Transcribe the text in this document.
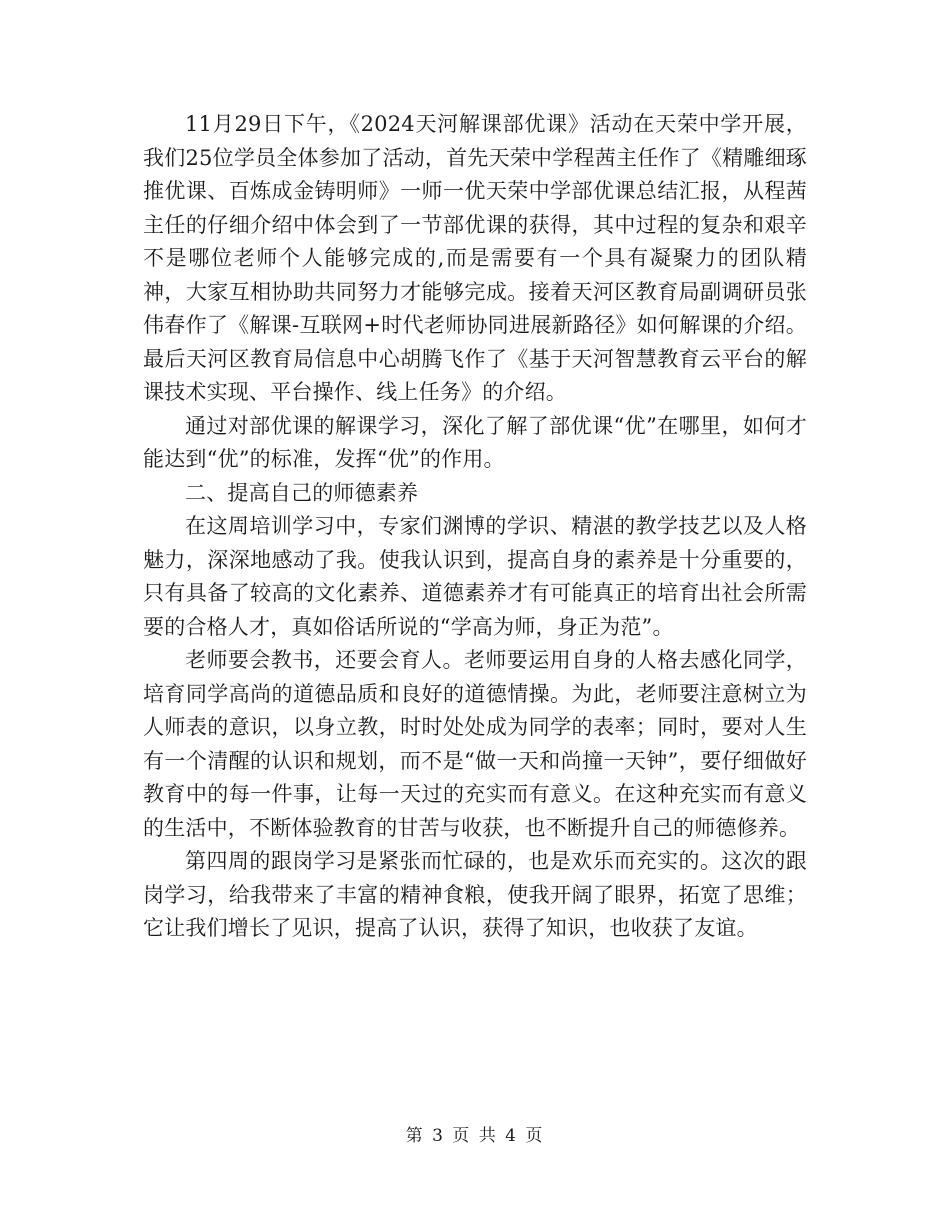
11月29日下午，《2024天河解课部优课》活动在天荣中学开展，我们25位学员全体参加了活动，首先天荣中学程茜主任作了《精雕细琢推优课、百炼成金铸明师》一师一优天荣中学部优课总结汇报，从程茜主任的仔细介绍中体会到了一节部优课的获得，其中过程的复杂和艰辛不是哪位老师个人能够完成的,而是需要有一个具有凝聚力的团队精神，大家互相协助共同努力才能够完成。接着天河区教育局副调研员张伟春作了《解课-互联网+时代老师协同进展新路径》如何解课的介绍。最后天河区教育局信息中心胡腾飞作了《基于天河智慧教育云平台的解课技术实现、平台操作、线上任务》的介绍。

通过对部优课的解课学习，深化了解了部优课“优”在哪里，如何才能达到“优”的标准，发挥“优”的作用。

二、提高自己的师德素养

在这周培训学习中，专家们渊博的学识、精湛的教学技艺以及人格魅力，深深地感动了我。使我认识到，提高自身的素养是十分重要的，只有具备了较高的文化素养、道德素养才有可能真正的培育出社会所需要的合格人才，真如俗话所说的“学高为师，身正为范”。

老师要会教书，还要会育人。老师要运用自身的人格去感化同学，培育同学高尚的道德品质和良好的道德情操。为此，老师要注意树立为人师表的意识，以身立教，时时处处成为同学的表率；同时，要对人生有一个清醒的认识和规划，而不是“做一天和尚撞一天钟”，要仔细做好教育中的每一件事，让每一天过的充实而有意义。在这种充实而有意义的生活中，不断体验教育的甘苦与收获，也不断提升自己的师德修养。

第四周的跟岗学习是紧张而忙碌的，也是欢乐而充实的。这次的跟岗学习，给我带来了丰富的精神食粮，使我开阔了眼界，拓宽了思维；它让我们增长了见识，提高了认识，获得了知识，也收获了友谊。

第 3 页 共 4 页
